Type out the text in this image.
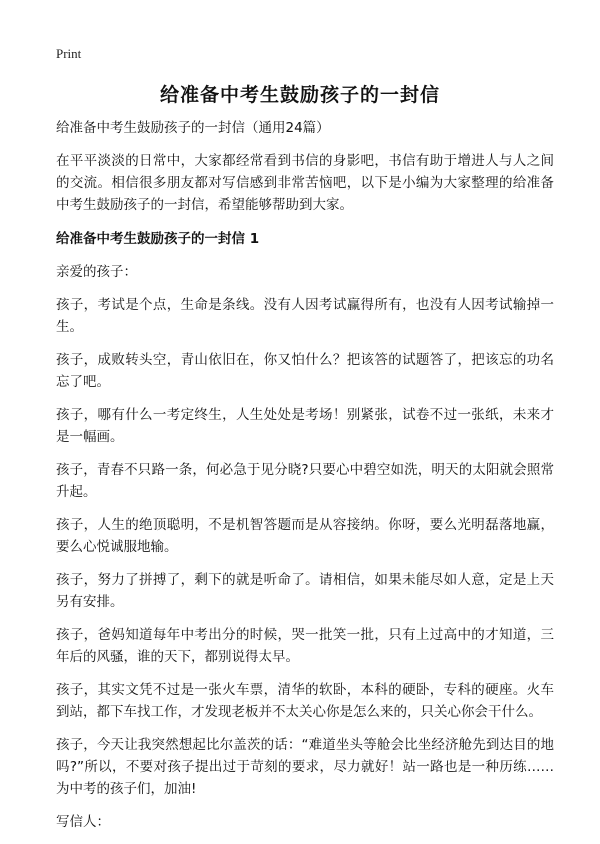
Print
给准备中考生鼓励孩子的一封信

给准备中考生鼓励孩子的一封信（通用24篇）

在平平淡淡的日常中，大家都经常看到书信的身影吧，书信有助于增进人与人之间的交流。相信很多朋友都对写信感到非常苦恼吧，以下是小编为大家整理的给准备中考生鼓励孩子的一封信，希望能够帮助到大家。

给准备中考生鼓励孩子的一封信 1

亲爱的孩子：

孩子，考试是个点，生命是条线。没有人因考试赢得所有，也没有人因考试输掉一生。

孩子，成败转头空，青山依旧在，你又怕什么？把该答的试题答了，把该忘的功名忘了吧。

孩子，哪有什么一考定终生，人生处处是考场！别紧张，试卷不过一张纸，未来才是一幅画。

孩子，青春不只路一条，何必急于见分晓?只要心中碧空如洗，明天的太阳就会照常升起。

孩子，人生的绝顶聪明，不是机智答题而是从容接纳。你呀，要么光明磊落地赢，要么心悦诚服地输。

孩子，努力了拼搏了，剩下的就是听命了。请相信，如果未能尽如人意，定是上天另有安排。

孩子，爸妈知道每年中考出分的时候，哭一批笑一批，只有上过高中的才知道，三年后的风骚，谁的天下，都别说得太早。

孩子，其实文凭不过是一张火车票，清华的软卧，本科的硬卧，专科的硬座。火车到站，都下车找工作，才发现老板并不太关心你是怎么来的，只关心你会干什么。

孩子，今天让我突然想起比尔盖茨的话：“难道坐头等舱会比坐经济舱先到达目的地吗?”所以，不要对孩子提出过于苛刻的要求，尽力就好！站一路也是一种历练……为中考的孩子们，加油!

写信人：
